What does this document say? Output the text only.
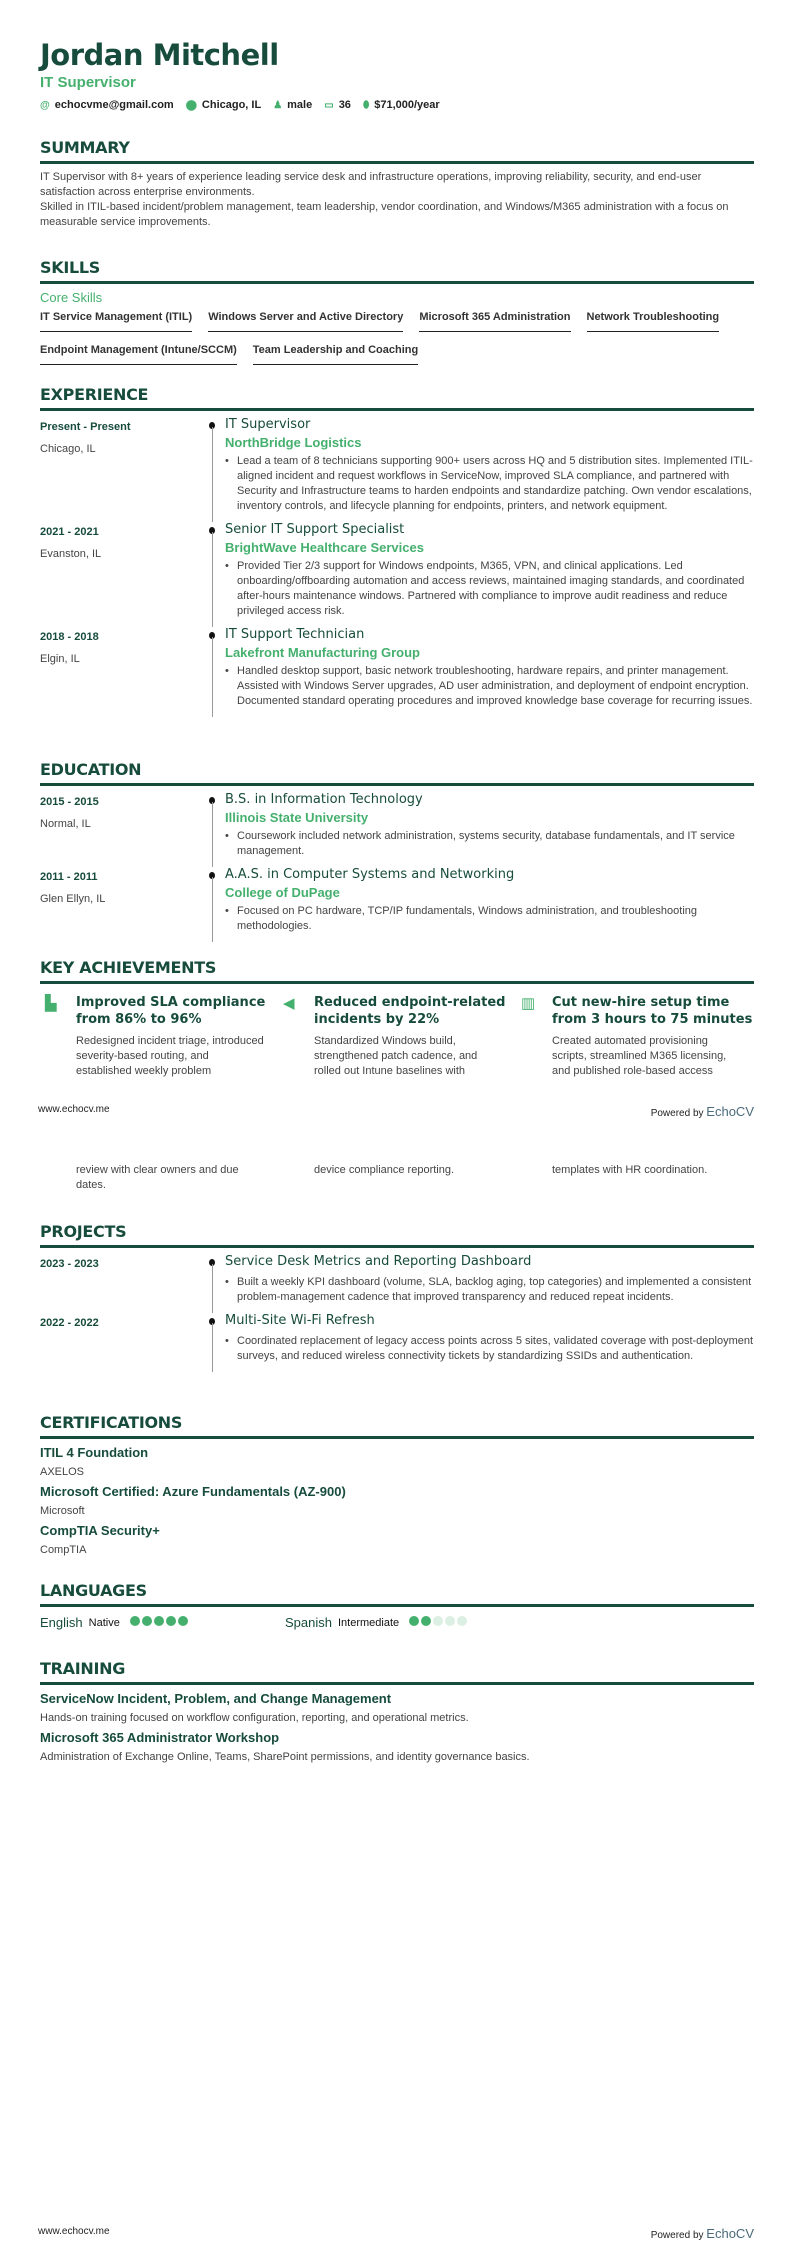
Jordan Mitchell
IT Supervisor
@ echocvme@gmail.com ⬤ Chicago, IL ♟ male ▭ 36 ⬮ $71,000/year
SUMMARY

IT Supervisor with 8+ years of experience leading service desk and infrastructure operations, improving reliability, security, and end-user satisfaction across enterprise environments.

Skilled in ITIL-based incident/problem management, team leadership, vendor coordination, and Windows/M365 administration with a focus on measurable service improvements.

SKILLS
Core Skills
IT Service Management (ITIL) Windows Server and Active Directory Microsoft 365 Administration Network Troubleshooting
Endpoint Management (Intune/SCCM) Team Leadership and Coaching
EXPERIENCE
Present - Present
Chicago, IL
IT Supervisor
NorthBridge Logistics
• Lead a team of 8 technicians supporting 900+ users across HQ and 5 distribution sites. Implemented ITIL-aligned incident and request workflows in ServiceNow, improved SLA compliance, and partnered with Security and Infrastructure teams to harden endpoints and standardize patching. Own vendor escalations, inventory controls, and lifecycle planning for endpoints, printers, and network equipment.
2021 - 2021
Evanston, IL
Senior IT Support Specialist
BrightWave Healthcare Services
• Provided Tier 2/3 support for Windows endpoints, M365, VPN, and clinical applications. Led onboarding/offboarding automation and access reviews, maintained imaging standards, and coordinated after-hours maintenance windows. Partnered with compliance to improve audit readiness and reduce privileged access risk.
2018 - 2018
Elgin, IL
IT Support Technician
Lakefront Manufacturing Group
• Handled desktop support, basic network troubleshooting, hardware repairs, and printer management. Assisted with Windows Server upgrades, AD user administration, and deployment of endpoint encryption. Documented standard operating procedures and improved knowledge base coverage for recurring issues.
EDUCATION
2015 - 2015
Normal, IL
B.S. in Information Technology
Illinois State University
• Coursework included network administration, systems security, database fundamentals, and IT service management.
2011 - 2011
Glen Ellyn, IL
A.A.S. in Computer Systems and Networking
College of DuPage
• Focused on PC hardware, TCP/IP fundamentals, Windows administration, and troubleshooting methodologies.
KEY ACHIEVEMENTS
▙	Improved SLA compliance from 86% to 96%

Redesigned incident triage, introduced severity-based routing, and established weekly problem

◀	Reduced endpoint-related incidents by 22%

Standardized Windows build, strengthened patch cadence, and rolled out Intune baselines with

▥	Cut new-hire setup time from 3 hours to 75 minutes

Created automated provisioning scripts, streamlined M365 licensing, and published role-based access

www.echocv.me	Powered by EchoCV

review with clear owners and due dates.

device compliance reporting.	templates with HR coordination.

PROJECTS
2023 - 2023	Service Desk Metrics and Reporting Dashboard
• Built a weekly KPI dashboard (volume, SLA, backlog aging, top categories) and implemented a consistent problem-management cadence that improved transparency and reduced repeat incidents.
2022 - 2022	Multi-Site Wi-Fi Refresh
• Coordinated replacement of legacy access points across 5 sites, validated coverage with post-deployment surveys, and reduced wireless connectivity tickets by standardizing SSIDs and authentication.
CERTIFICATIONS
ITIL 4 Foundation
AXELOS
Microsoft Certified: Azure Fundamentals (AZ-900)
Microsoft
CompTIA Security+
CompTIA
LANGUAGES
English Native	Spanish Intermediate
TRAINING
ServiceNow Incident, Problem, and Change Management
Hands-on training focused on workflow configuration, reporting, and operational metrics.
Microsoft 365 Administrator Workshop
Administration of Exchange Online, Teams, SharePoint permissions, and identity governance basics.
www.echocv.me	Powered by EchoCV
